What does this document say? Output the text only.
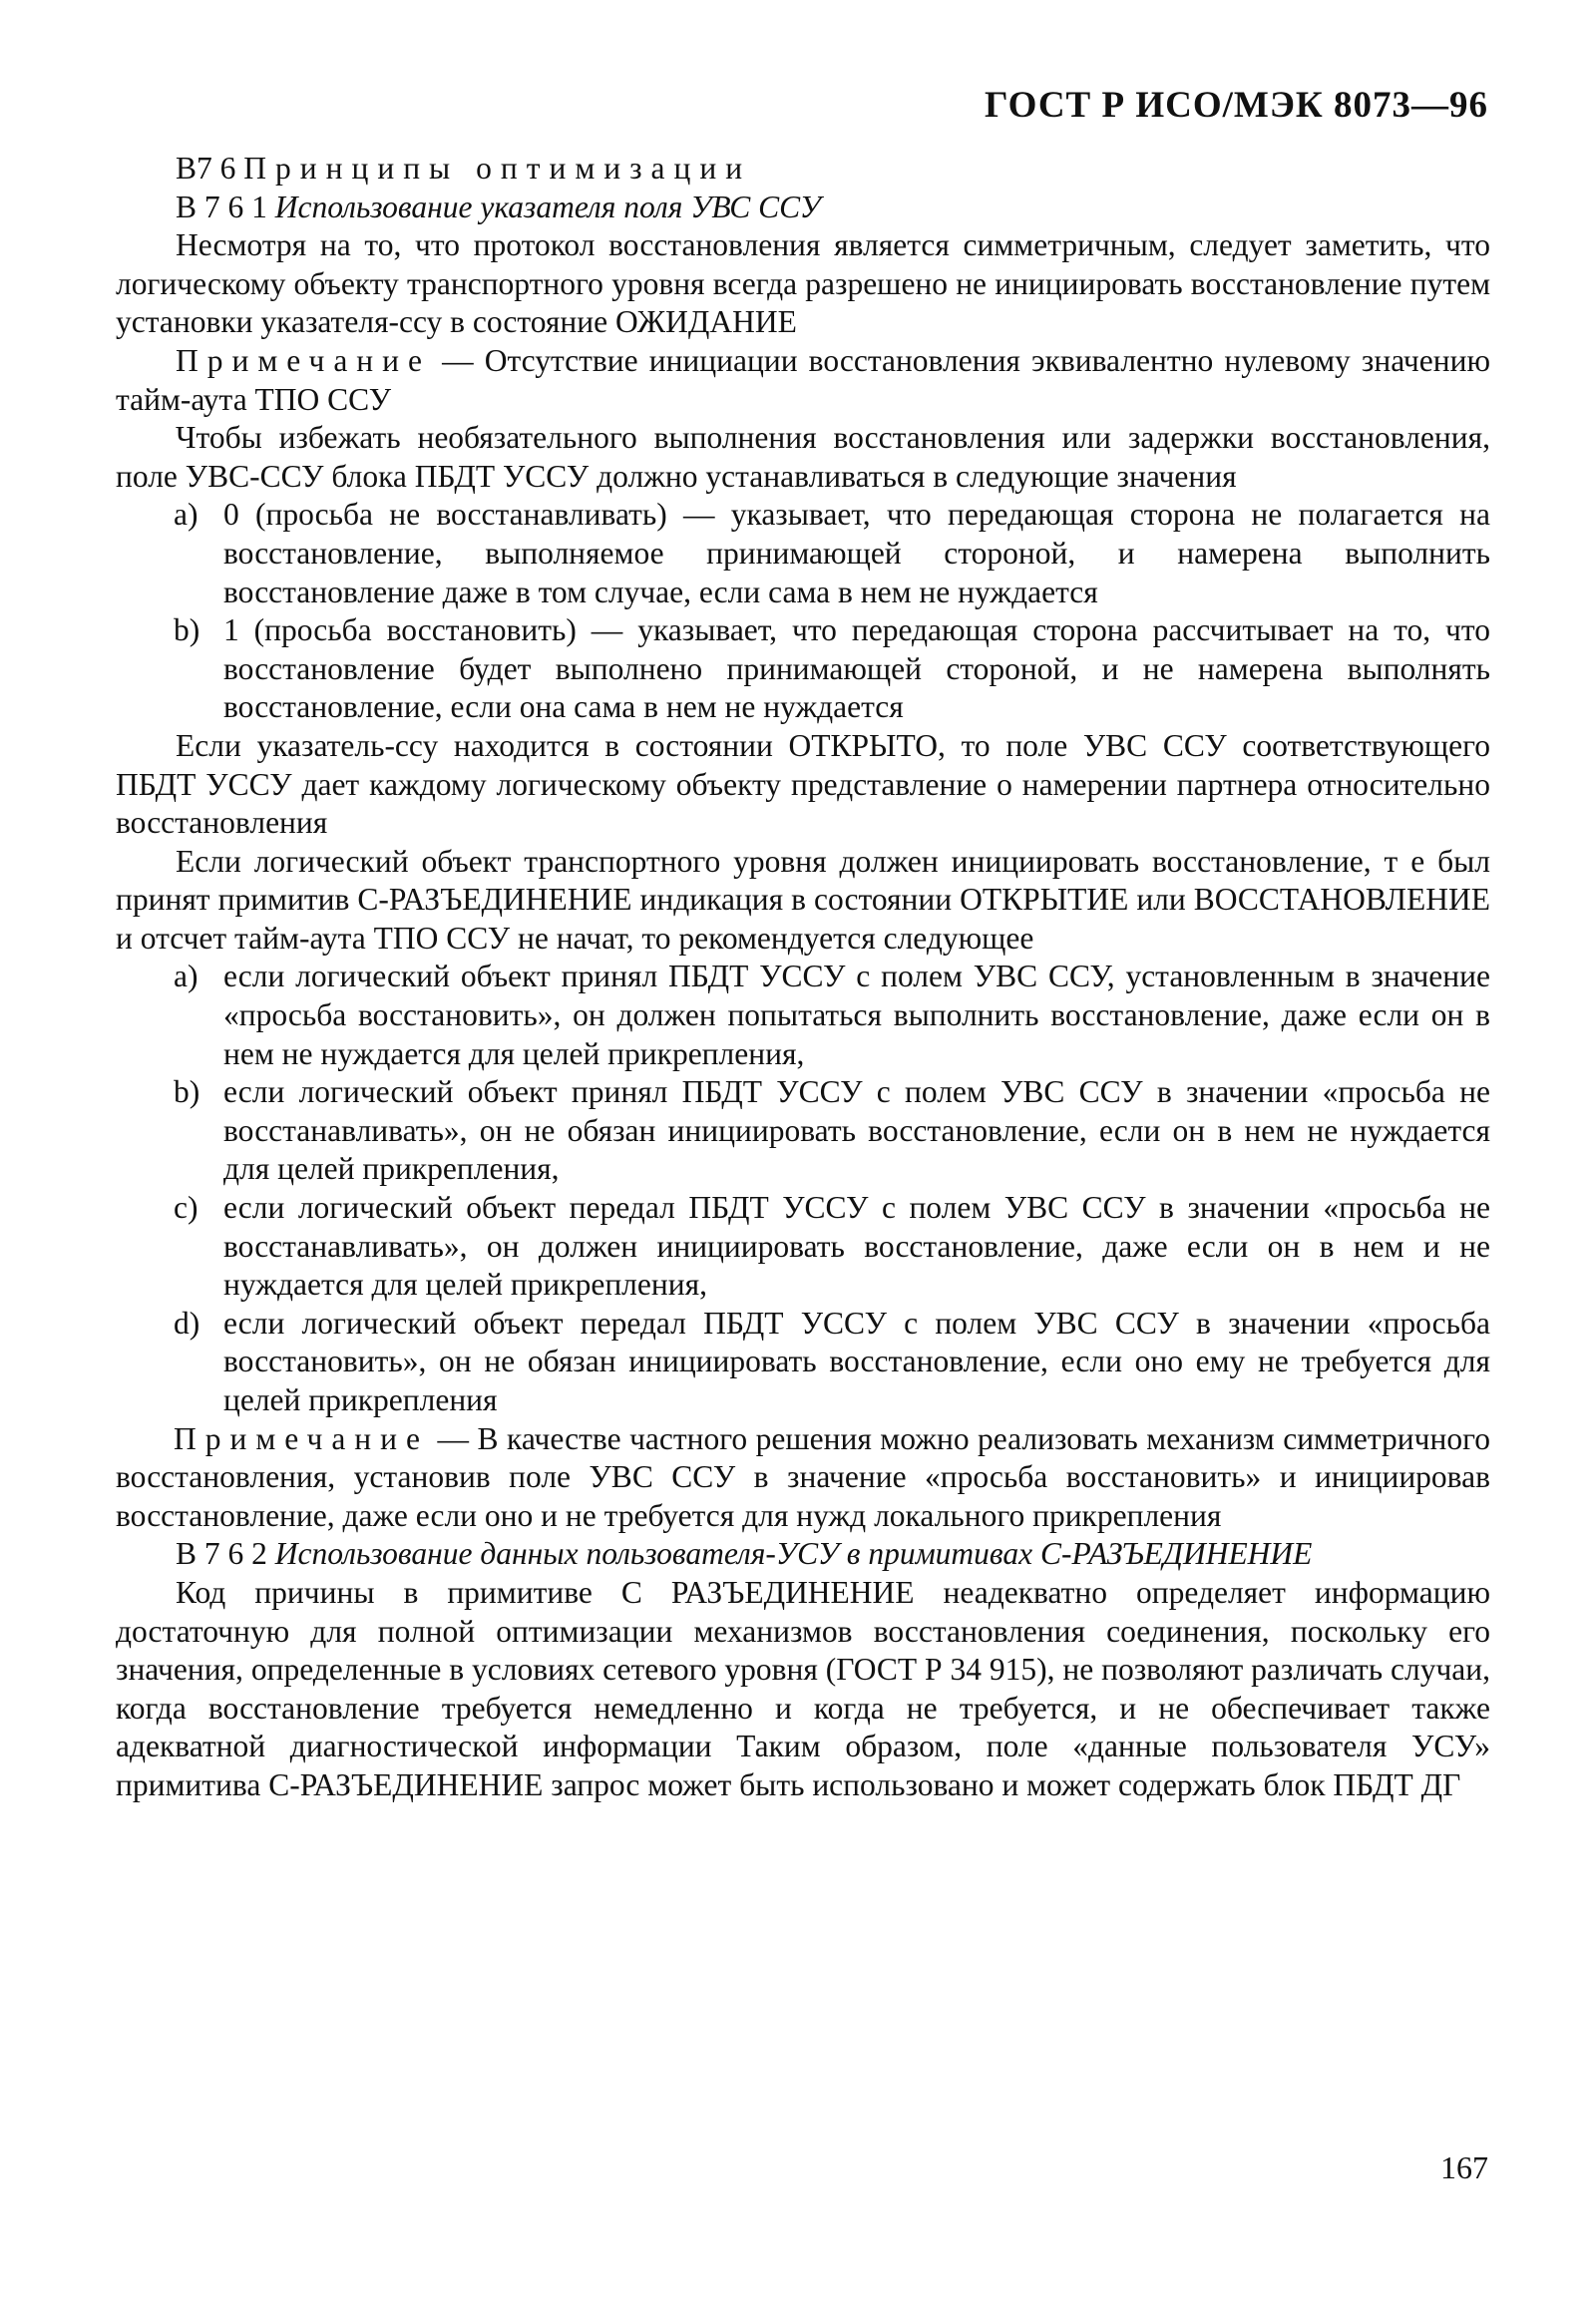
ГОСТ Р ИСО/МЭК 8073—96

В7 6 Принципы оптимизации

В 7 6 1 Использование указателя поля УВС ССУ

Несмотря на то, что протокол восстановления является симметричным, следует заметить, что логическому объекту транспортного уровня всегда разрешено не инициировать восстановление путем установки указателя-ссу в состояние ОЖИДАНИЕ

Примечание — Отсутствие инициации восстановления эквивалентно нулевому значению тайм-аута ТПО ССУ

Чтобы избежать необязательного выполнения восстановления или задержки восстановления, поле УВС-ССУ блока ПБДТ УССУ должно устанавливаться в следующие значения

a) 0 (просьба не восстанавливать) — указывает, что передающая сторона не полагается на восстановление, выполняемое принимающей стороной, и намерена выполнить восстановление даже в том случае, если сама в нем не нуждается
b) 1 (просьба восстановить) — указывает, что передающая сторона рассчитывает на то, что восстановление будет выполнено принимающей стороной, и не намерена выполнять восстановление, если она сама в нем не нуждается

Если указатель-ссу находится в состоянии ОТКРЫТО, то поле УВС ССУ соответствующего ПБДТ УССУ дает каждому логическому объекту представление о намерении партнера относительно восстановления

Если логический объект транспортного уровня должен инициировать восстановление, т е был принят примитив С-РАЗЪЕДИНЕНИЕ индикация в состоянии ОТКРЫТИЕ или ВОССТАНОВЛЕНИЕ и отсчет тайм-аута ТПО ССУ не начат, то рекомендуется следующее

a) если логический объект принял ПБДТ УССУ с полем УВС ССУ, установленным в значение «просьба восстановить», он должен попытаться выполнить восстановление, даже если он в нем не нуждается для целей прикрепления,
b) если логический объект принял ПБДТ УССУ с полем УВС ССУ в значении «просьба не восстанавливать», он не обязан инициировать восстановление, если он в нем не нуждается для целей прикрепления,
c) если логический объект передал ПБДТ УССУ с полем УВС ССУ в значении «просьба не восстанавливать», он должен инициировать восстановление, даже если он в нем и не нуждается для целей прикрепления,
d) если логический объект передал ПБДТ УССУ с полем УВС ССУ в значении «просьба восстановить», он не обязан инициировать восстановление, если оно ему не требуется для целей прикрепления

Примечание — В качестве частного решения можно реализовать механизм симметричного восстановления, установив поле УВС ССУ в значение «просьба восстановить» и инициировав восстановление, даже если оно и не требуется для нужд локального прикрепления

В 7 6 2 Использование данных пользователя-УСУ в примитивах С-РАЗЪЕДИНЕНИЕ

Код причины в примитиве С РАЗЪЕДИНЕНИЕ неадекватно определяет информацию достаточную для полной оптимизации механизмов восстановления соединения, поскольку его значения, определенные в условиях сетевого уровня (ГОСТ Р 34 915), не позволяют различать случаи, когда восстановление требуется немедленно и когда не требуется, и не обеспечивает также адекватной диагностической информации Таким образом, поле «данные пользователя УСУ» примитива С-РАЗЪЕДИНЕНИЕ запрос может быть использовано и может содержать блок ПБДТ ДГ

167
